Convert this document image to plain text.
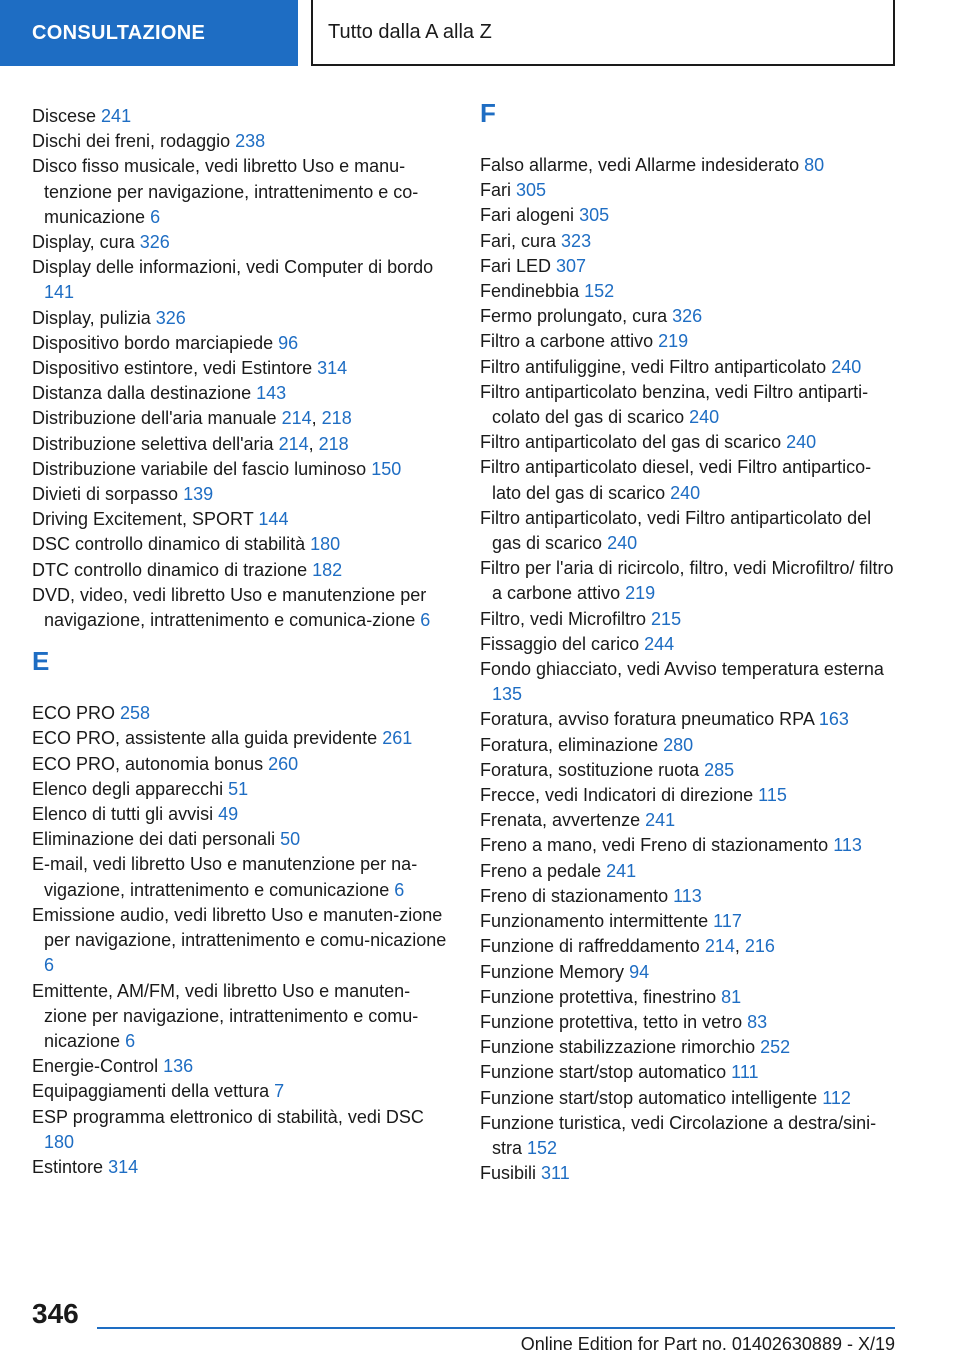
CONSULTAZIONE	Tutto dalla A alla Z
Discese 241
Dischi dei freni, rodaggio 238
Disco fisso musicale, vedi libretto Uso e manu-tenzione per navigazione, intrattenimento e co-municazione 6
Display, cura 326
Display delle informazioni, vedi Computer di bordo 141
Display, pulizia 326
Dispositivo bordo marciapiede 96
Dispositivo estintore, vedi Estintore 314
Distanza dalla destinazione 143
Distribuzione dell'aria manuale 214, 218
Distribuzione selettiva dell'aria 214, 218
Distribuzione variabile del fascio luminoso 150
Divieti di sorpasso 139
Driving Excitement, SPORT 144
DSC controllo dinamico di stabilità 180
DTC controllo dinamico di trazione 182
DVD, video, vedi libretto Uso e manutenzione per navigazione, intrattenimento e comunica-zione 6
E
ECO PRO 258
ECO PRO, assistente alla guida previdente 261
ECO PRO, autonomia bonus 260
Elenco degli apparecchi 51
Elenco di tutti gli avvisi 49
Eliminazione dei dati personali 50
E-mail, vedi libretto Uso e manutenzione per na-vigazione, intrattenimento e comunicazione 6
Emissione audio, vedi libretto Uso e manuten-zione per navigazione, intrattenimento e comu-nicazione 6
Emittente, AM/FM, vedi libretto Uso e manuten-zione per navigazione, intrattenimento e comu-nicazione 6
Energie-Control 136
Equipaggiamenti della vettura 7
ESP programma elettronico di stabilità, vedi DSC 180
Estintore 314
F
Falso allarme, vedi Allarme indesiderato 80
Fari 305
Fari alogeni 305
Fari, cura 323
Fari LED 307
Fendinebbia 152
Fermo prolungato, cura 326
Filtro a carbone attivo 219
Filtro antifuliggine, vedi Filtro antiparticolato 240
Filtro antiparticolato benzina, vedi Filtro antiparti-colato del gas di scarico 240
Filtro antiparticolato del gas di scarico 240
Filtro antiparticolato diesel, vedi Filtro antipartico-lato del gas di scarico 240
Filtro antiparticolato, vedi Filtro antiparticolato del gas di scarico 240
Filtro per l'aria di ricircolo, filtro, vedi Microfiltro/ filtro a carbone attivo 219
Filtro, vedi Microfiltro 215
Fissaggio del carico 244
Fondo ghiacciato, vedi Avviso temperatura esterna 135
Foratura, avviso foratura pneumatico RPA 163
Foratura, eliminazione 280
Foratura, sostituzione ruota 285
Frecce, vedi Indicatori di direzione 115
Frenata, avvertenze 241
Freno a mano, vedi Freno di stazionamento 113
Freno a pedale 241
Freno di stazionamento 113
Funzionamento intermittente 117
Funzione di raffreddamento 214, 216
Funzione Memory 94
Funzione protettiva, finestrino 81
Funzione protettiva, tetto in vetro 83
Funzione stabilizzazione rimorchio 252
Funzione start/stop automatico 111
Funzione start/stop automatico intelligente 112
Funzione turistica, vedi Circolazione a destra/sini-stra 152
Fusibili 311
346
Online Edition for Part no. 01402630889 - X/19
